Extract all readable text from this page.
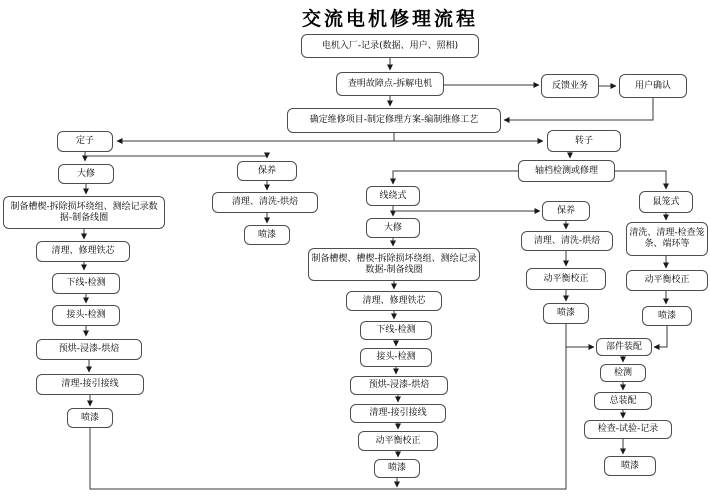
交流电机修理流程
电机入厂-记录(数据、用户、照相)
查明故障点-拆解电机	反馈业务	用户确认
确定维修项目-制定修理方案-编制维修工艺
定子	转子
轴档检测或修理
大修
制备槽楔-拆除损坏绕组、测绘记录数据-制备线圈
清理、修理铁芯
下线-检测
接头-检测
预烘-浸漆-烘焙
清理-接引接线
喷漆
保养
清理、清洗-烘焙
喷漆
线绕式
大修
制备槽楔、槽楔-拆除损坏绕组、测绘记录数据-制备线圈
清理、修理铁芯
下线-检测
接头-检测
预烘-浸漆-烘焙
清理-接引接线
动平衡校正
喷漆
保养
清理、清洗-烘焙
动平衡校正
喷漆
鼠笼式
清洗、清理-检查笼条、端环等
动平衡校正
喷漆
部件装配
检测
总装配
检查-试验-记录
喷漆
